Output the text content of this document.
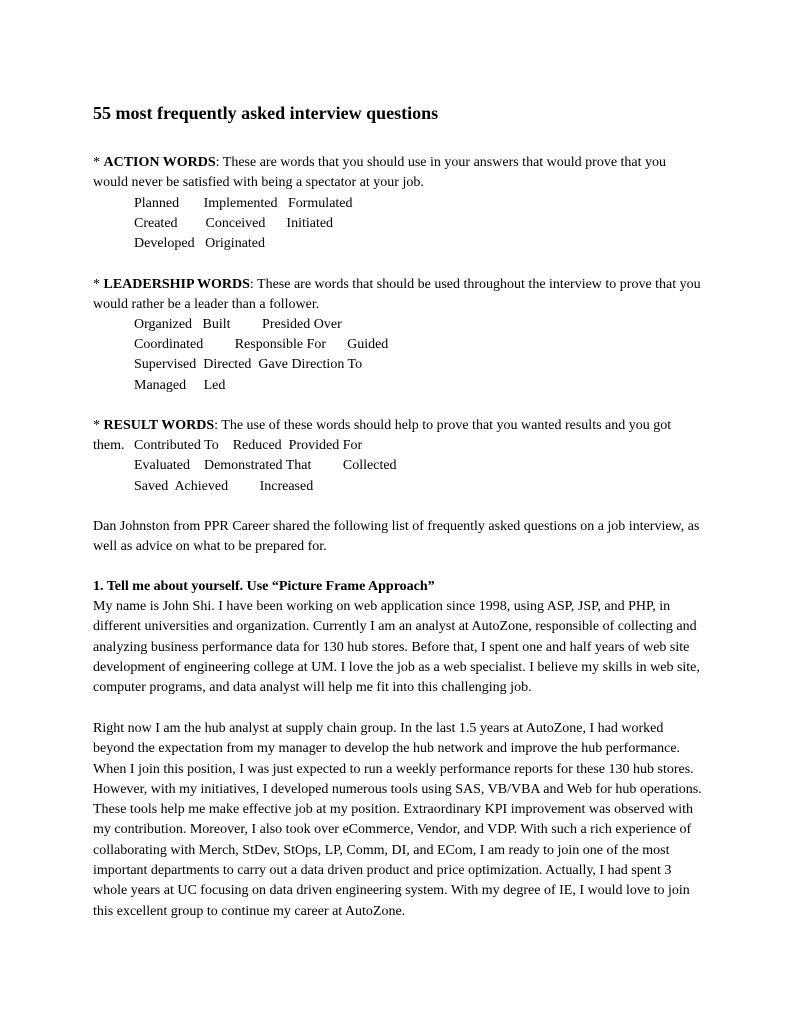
55 most frequently asked interview questions

* ACTION WORDS: These are words that you should use in your answers that would prove that you would never be satisfied with being a spectator at your job.

Planned       Implemented   Formulated

Created        Conceived      Initiated

Developed   Originated

* LEADERSHIP WORDS: These are words that should be used throughout the interview to prove that you would rather be a leader than a follower.

Organized   Built         Presided Over

Coordinated         Responsible For      Guided

Supervised  Directed  Gave Direction To

Managed     Led

* RESULT WORDS: The use of these words should help to prove that you wanted results and you got them. Contributed To    Reduced  Provided For

Evaluated    Demonstrated That         Collected

Saved  Achieved         Increased

Dan Johnston from PPR Career shared the following list of frequently asked questions on a job interview, as well as advice on what to be prepared for.

1. Tell me about yourself. Use “Picture Frame Approach”

My name is John Shi. I have been working on web application since 1998, using ASP, JSP, and PHP, in different universities and organization. Currently I am an analyst at AutoZone, responsible of collecting and analyzing business performance data for 130 hub stores. Before that, I spent one and half years of web site development of engineering college at UM. I love the job as a web specialist. I believe my skills in web site, computer programs, and data analyst will help me fit into this challenging job.

Right now I am the hub analyst at supply chain group. In the last 1.5 years at AutoZone, I had worked beyond the expectation from my manager to develop the hub network and improve the hub performance. When I join this position, I was just expected to run a weekly performance reports for these 130 hub stores. However, with my initiatives, I developed numerous tools using SAS, VB/VBA and Web for hub operations. These tools help me make effective job at my position. Extraordinary KPI improvement was observed with my contribution. Moreover, I also took over eCommerce, Vendor, and VDP. With such a rich experience of collaborating with Merch, StDev, StOps, LP, Comm, DI, and ECom, I am ready to join one of the most important departments to carry out a data driven product and price optimization. Actually, I had spent 3 whole years at UC focusing on data driven engineering system. With my degree of IE, I would love to join this excellent group to continue my career at AutoZone.
